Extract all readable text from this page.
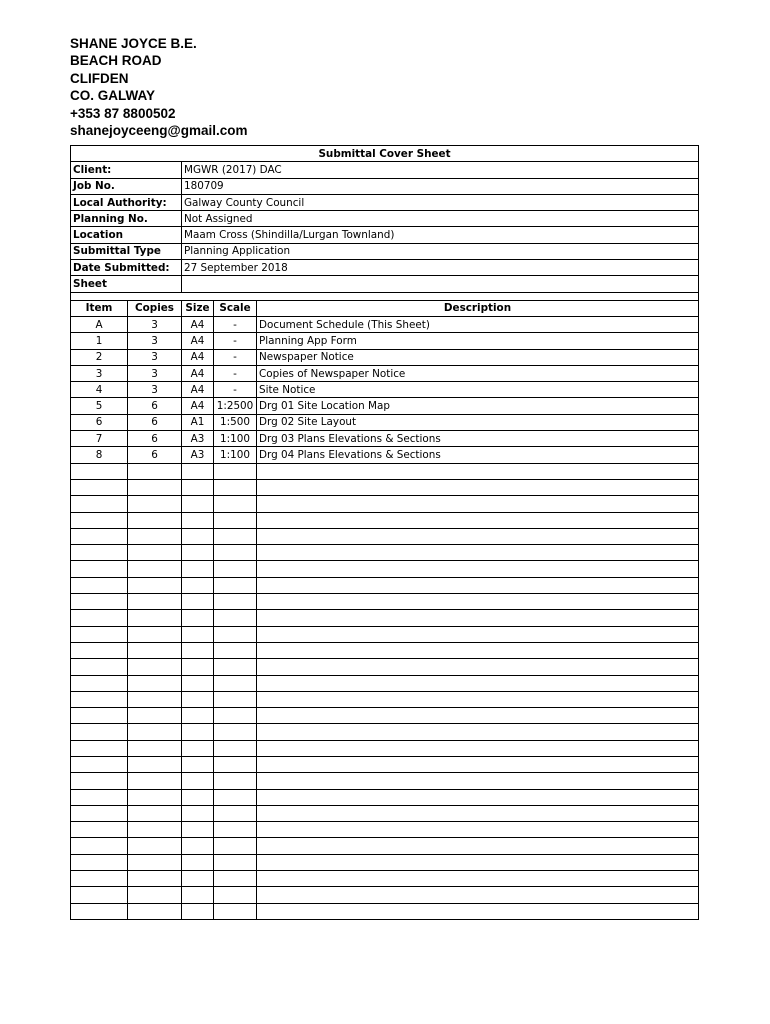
SHANE JOYCE B.E.
BEACH ROAD
CLIFDEN
CO. GALWAY
+353 87 8800502
shanejoyceeng@gmail.com
Submittal Cover Sheet				
Client:		MGWR (2017) DAC		
Job No.		180709		
Local Authority:		Galway County Council		
Planning No.		Not Assigned		
Location		Maam Cross (Shindilla/Lurgan Townland)		
Submittal Type		Planning Application		
Date Submitted:		27 September 2018		
Sheet				

Item	Copies	Size	Scale	Description
A	3	A4	-	Document Schedule (This Sheet)
1	3	A4	-	Planning App Form
2	3	A4	-	Newspaper Notice
3	3	A4	-	Copies of Newspaper Notice
4	3	A4	-	Site Notice
5	6	A4	1:2500	Drg 01 Site Location Map
6	6	A1	1:500	Drg 02 Site Layout
7	6	A3	1:100	Drg 03 Plans Elevations & Sections
8	6	A3	1:100	Drg 04 Plans Elevations & Sections
